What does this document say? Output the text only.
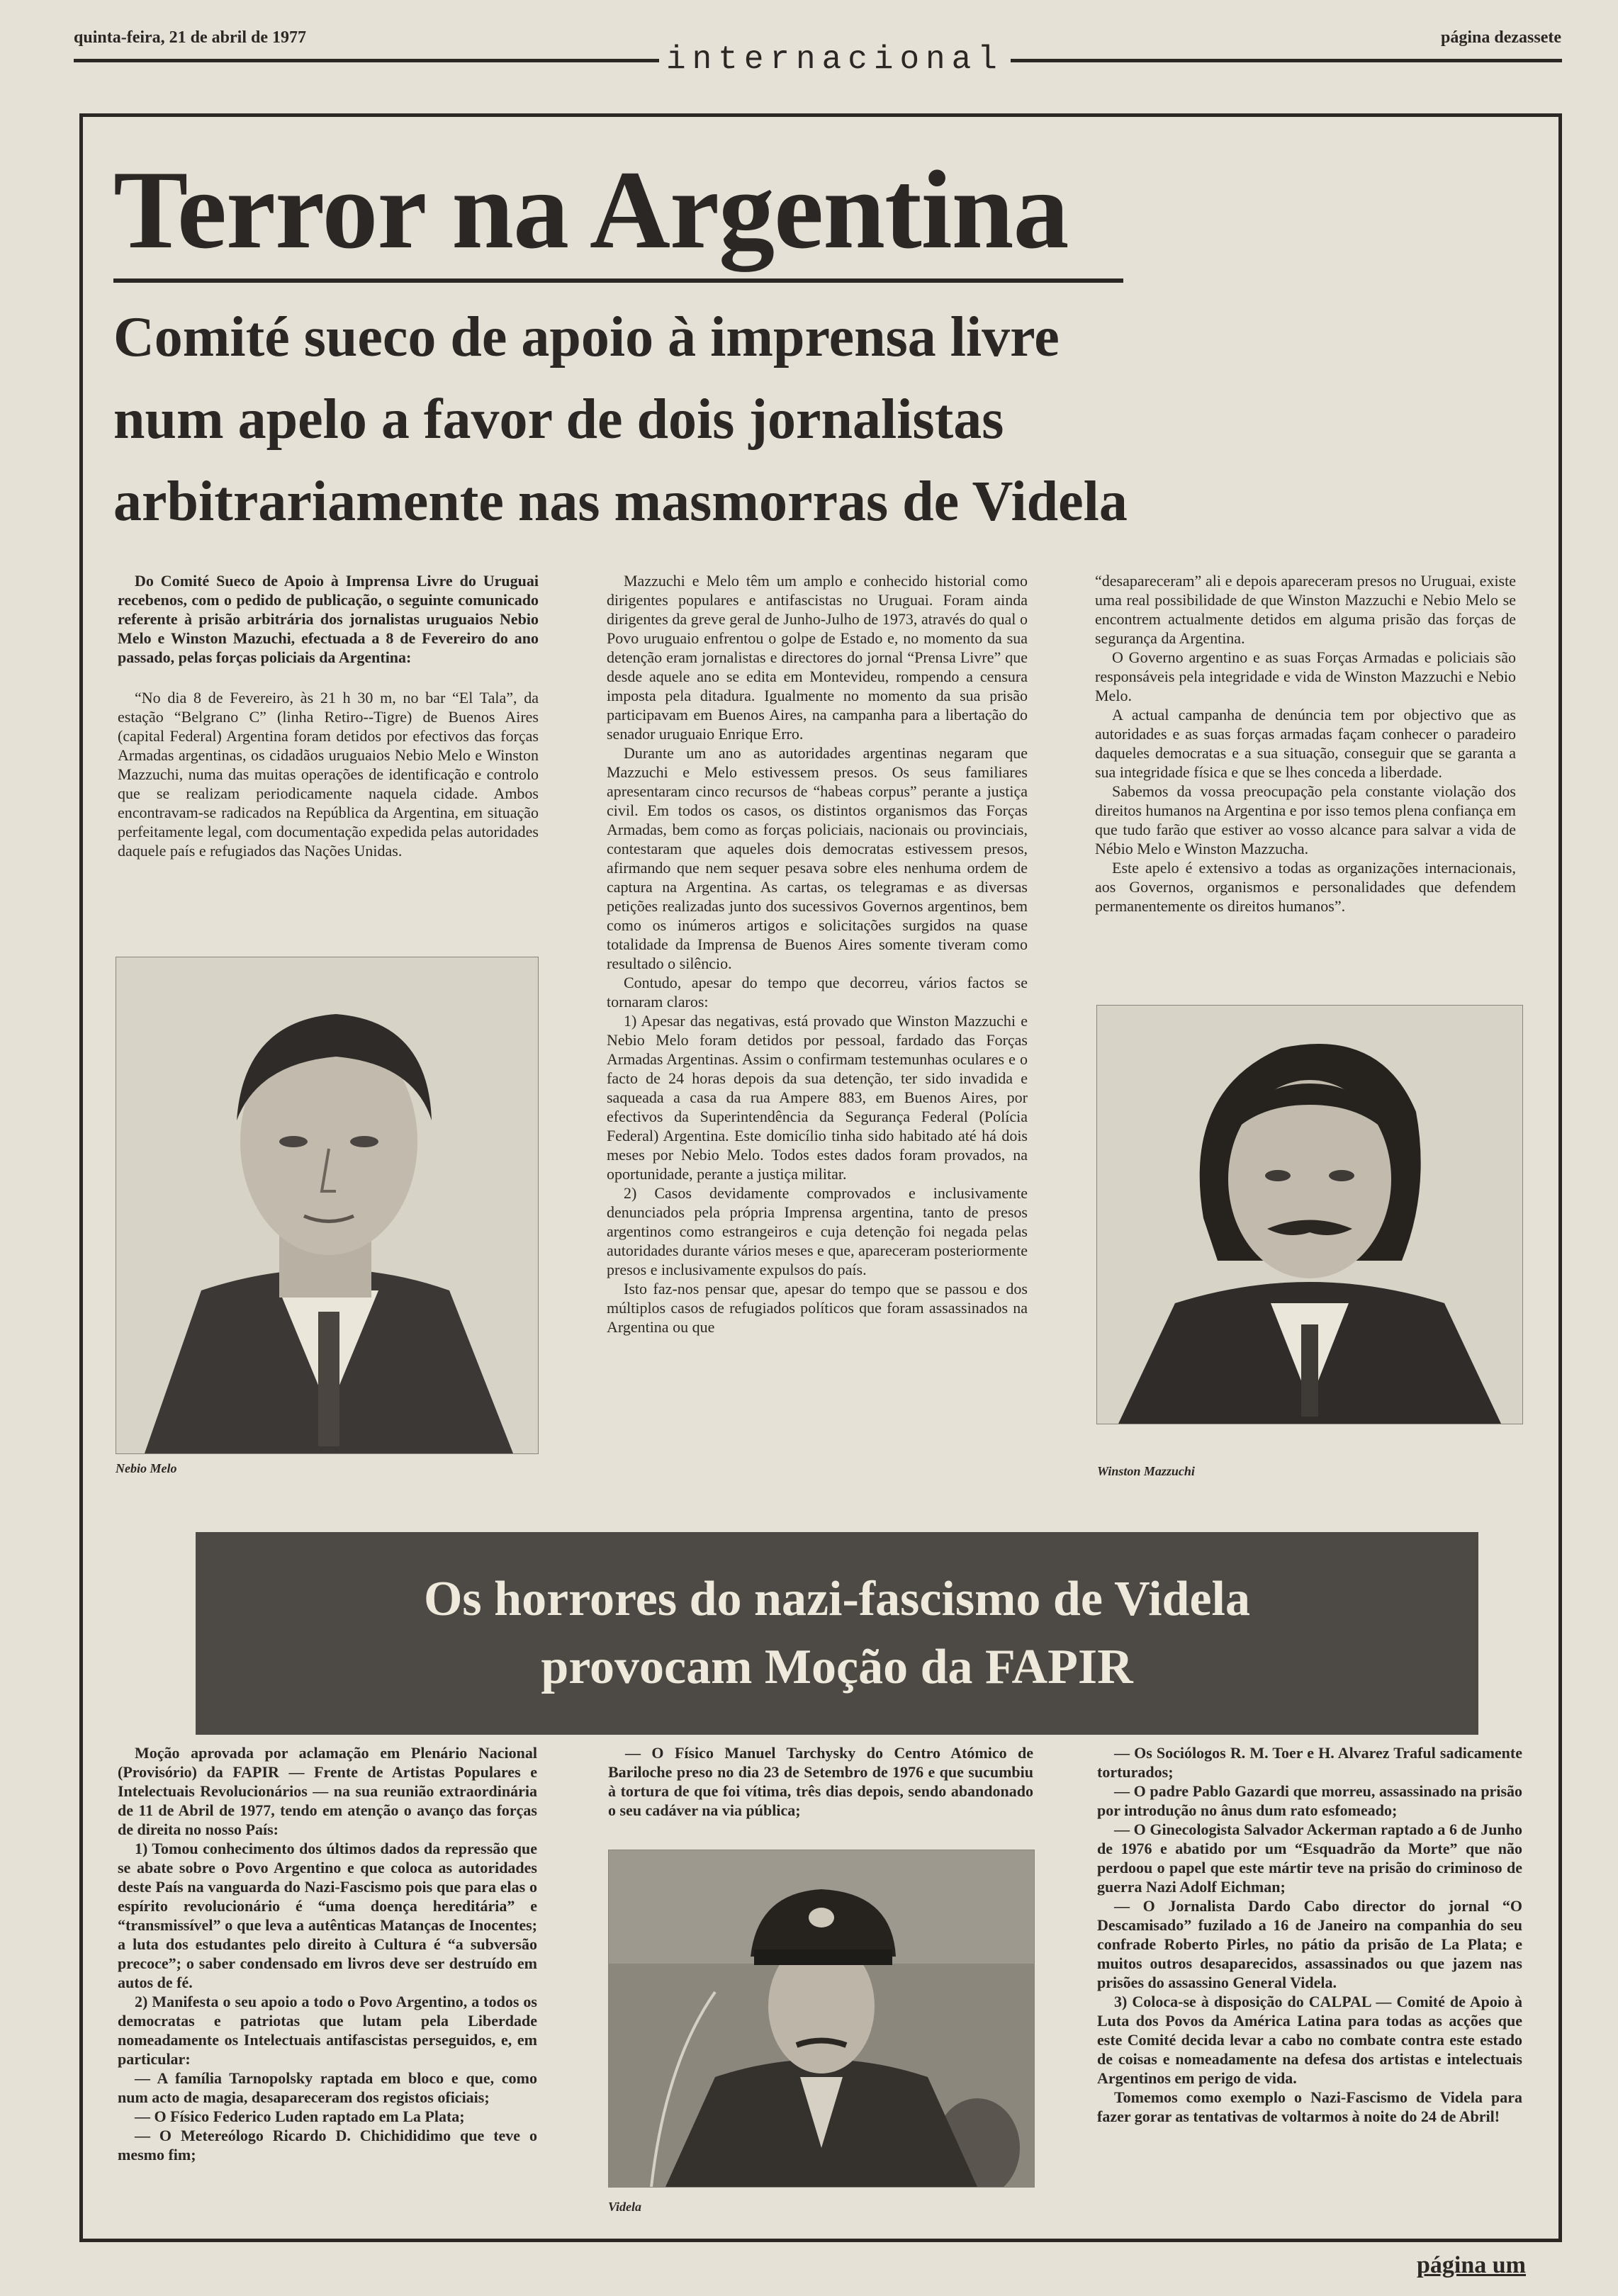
quinta-feira, 21 de abril de 1977	página dezassete
internacional
Terror na Argentina
Comité sueco de apoio à imprensa livre
num apelo a favor de dois jornalistas
arbitrariamente nas masmorras de Videla

Do Comité Sueco de Apoio à Imprensa Livre do Uruguai recebenos, com o pedido de publicação, o seguinte comunicado referente à prisão arbitrária dos jornalistas uruguaios Nebio Melo e Winston Mazuchi, efectuada a 8 de Fevereiro do ano passado, pelas forças policiais da Argentina:

“No dia 8 de Fevereiro, às 21 h 30 m, no bar “El Tala”, da estação “Belgrano C” (linha Retiro--Tigre) de Buenos Aires (capital Federal) Argentina foram detidos por efectivos das forças Armadas argentinas, os cidadãos uruguaios Nebio Melo e Winston Mazzuchi, numa das muitas operações de identificação e controlo que se realizam periodicamente naquela cidade. Ambos encontravam-se radicados na República da Argentina, em situação perfeitamente legal, com documentação expedida pelas autoridades daquele país e refugiados das Nações Unidas.

Mazzuchi e Melo têm um amplo e conhecido historial como dirigentes populares e antifascistas no Uruguai. Foram ainda dirigentes da greve geral de Junho-Julho de 1973, através do qual o Povo uruguaio enfrentou o golpe de Estado e, no momento da sua detenção eram jornalistas e directores do jornal “Prensa Livre” que desde aquele ano se edita em Montevideu, rompendo a censura imposta pela ditadura. Igualmente no momento da sua prisão participavam em Buenos Aires, na campanha para a libertação do senador uruguaio Enrique Erro.

Durante um ano as autoridades argentinas negaram que Mazzuchi e Melo estivessem presos. Os seus familiares apresentaram cinco recursos de “habeas corpus” perante a justiça civil. Em todos os casos, os distintos organismos das Forças Armadas, bem como as forças policiais, nacionais ou provinciais, contestaram que aqueles dois democratas estivessem presos, afirmando que nem sequer pesava sobre eles nenhuma ordem de captura na Argentina. As cartas, os telegramas e as diversas petições realizadas junto dos sucessivos Governos argentinos, bem como os inúmeros artigos e solicitações surgidos na quase totalidade da Imprensa de Buenos Aires somente tiveram como resultado o silêncio.

Contudo, apesar do tempo que decorreu, vários factos se tornaram claros:

1) Apesar das negativas, está provado que Winston Mazzuchi e Nebio Melo foram detidos por pessoal, fardado das Forças Armadas Argentinas. Assim o confirmam testemunhas oculares e o facto de 24 horas depois da sua detenção, ter sido invadida e saqueada a casa da rua Ampere 883, em Buenos Aires, por efectivos da Superintendência da Segurança Federal (Polícia Federal) Argentina. Este domicílio tinha sido habitado até há dois meses por Nebio Melo. Todos estes dados foram provados, na oportunidade, perante a justiça militar.

2) Casos devidamente comprovados e inclusivamente denunciados pela própria Imprensa argentina, tanto de presos argentinos como estrangeiros e cuja detenção foi negada pelas autoridades durante vários meses e que, apareceram posteriormente presos e inclusivamente expulsos do país.

Isto faz-nos pensar que, apesar do tempo que se passou e dos múltiplos casos de refugiados políticos que foram assassinados na Argentina ou que

“desapareceram” ali e depois apareceram presos no Uruguai, existe uma real possibilidade de que Winston Mazzuchi e Nebio Melo se encontrem actualmente detidos em alguma prisão das forças de segurança da Argentina.

O Governo argentino e as suas Forças Armadas e policiais são responsáveis pela integridade e vida de Winston Mazzuchi e Nebio Melo.

A actual campanha de denúncia tem por objectivo que as autoridades e as suas forças armadas façam conhecer o paradeiro daqueles democratas e a sua situação, conseguir que se garanta a sua integridade física e que se lhes conceda a liberdade.

Sabemos da vossa preocupação pela constante violação dos direitos humanos na Argentina e por isso temos plena confiança em que tudo farão que estiver ao vosso alcance para salvar a vida de Nébio Melo e Winston Mazzucha.

Este apelo é extensivo a todas as organizações internacionais, aos Governos, organismos e personalidades que defendem permanentemente os direitos humanos”.

Nebio Melo	Winston Mazzuchi
Os horrores do nazi-fascismo de Videla
provocam Moção da FAPIR

Moção aprovada por aclamação em Plenário Nacional (Provisório) da FAPIR — Frente de Artistas Populares e Intelectuais Revolucionários — na sua reunião extraordinária de 11 de Abril de 1977, tendo em atenção o avanço das forças de direita no nosso País:

1) Tomou conhecimento dos últimos dados da repressão que se abate sobre o Povo Argentino e que coloca as autoridades deste País na vanguarda do Nazi-Fascismo pois que para elas o espírito revolucionário é “uma doença hereditária” e “transmissível” o que leva a autênticas Matanças de Inocentes; a luta dos estudantes pelo direito à Cultura é “a subversão precoce”; o saber condensado em livros deve ser destruído em autos de fé.

2) Manifesta o seu apoio a todo o Povo Argentino, a todos os democratas e patriotas que lutam pela Liberdade nomeadamente os Intelectuais antifascistas perseguidos, e, em particular:

— A família Tarnopolsky raptada em bloco e que, como num acto de magia, desapareceram dos registos oficiais;

— O Físico Federico Luden raptado em La Plata;

— O Metereólogo Ricardo D. Chichididimo que teve o mesmo fim;

— O Físico Manuel Tarchysky do Centro Atómico de Bariloche preso no dia 23 de Setembro de 1976 e que sucumbiu à tortura de que foi vítima, três dias depois, sendo abandonado o seu cadáver na via pública;

Videla

— Os Sociólogos R. M. Toer e H. Alvarez Traful sadicamente torturados;

— O padre Pablo Gazardi que morreu, assassinado na prisão por introdução no ânus dum rato esfomeado;

— O Ginecologista Salvador Ackerman raptado a 6 de Junho de 1976 e abatido por um “Esquadrão da Morte” que não perdoou o papel que este mártir teve na prisão do criminoso de guerra Nazi Adolf Eichman;

— O Jornalista Dardo Cabo director do jornal “O Descamisado” fuzilado a 16 de Janeiro na companhia do seu confrade Roberto Pirles, no pátio da prisão de La Plata; e muitos outros desaparecidos, assassinados ou que jazem nas prisões do assassino General Videla.

3) Coloca-se à disposição do CALPAL — Comité de Apoio à Luta dos Povos da América Latina para todas as acções que este Comité decida levar a cabo no combate contra este estado de coisas e nomeadamente na defesa dos artistas e intelectuais Argentinos em perigo de vida.

Tomemos como exemplo o Nazi-Fascismo de Videla para fazer gorar as tentativas de voltarmos à noite do 24 de Abril!

página um
